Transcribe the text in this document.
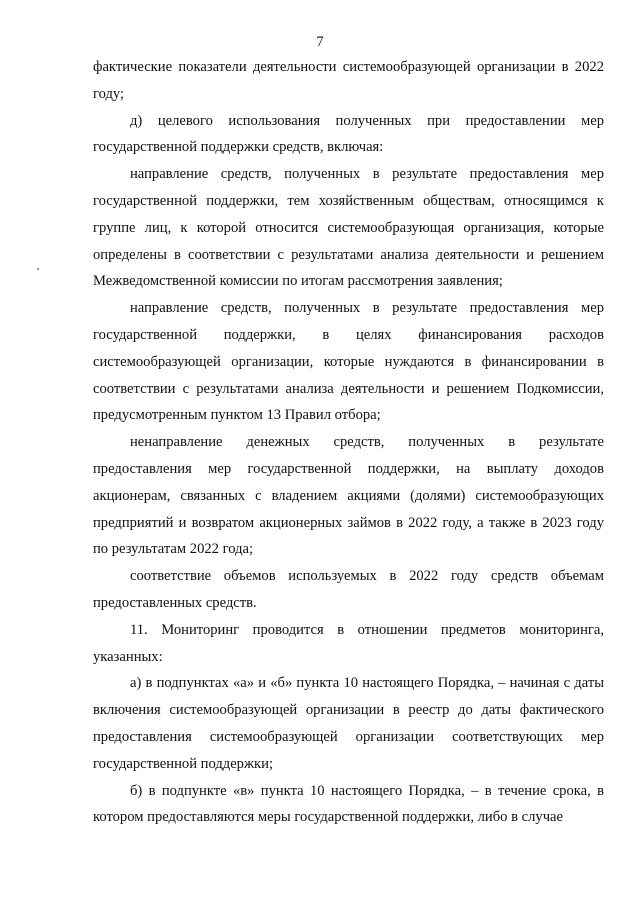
7

фактические показатели деятельности системообразующей организации в 2022 году;

д) целевого использования полученных при предоставлении мер государственной поддержки средств, включая:

направление средств, полученных в результате предоставления мер государственной поддержки, тем хозяйственным обществам, относящимся к группе лиц, к которой относится системообразующая организация, которые определены в соответствии с результатами анализа деятельности и решением Межведомственной комиссии по итогам рассмотрения заявления;

направление средств, полученных в результате предоставления мер государственной поддержки, в целях финансирования расходов системообразующей организации, которые нуждаются в финансировании в соответствии с результатами анализа деятельности и решением Подкомиссии, предусмотренным пунктом 13 Правил отбора;

ненаправление денежных средств, полученных в результате предоставления мер государственной поддержки, на выплату доходов акционерам, связанных с владением акциями (долями) системообразующих предприятий и возвратом акционерных займов в 2022 году, а также в 2023 году по результатам 2022 года;

соответствие объемов используемых в 2022 году средств объемам предоставленных средств.

11. Мониторинг проводится в отношении предметов мониторинга, указанных:

а) в подпунктах «а» и «б» пункта 10 настоящего Порядка, – начиная с даты включения системообразующей организации в реестр до даты фактического предоставления системообразующей организации соответствующих мер государственной поддержки;

б) в подпункте «в» пункта 10 настоящего Порядка, – в течение срока, в котором предоставляются меры государственной поддержки, либо в случае
